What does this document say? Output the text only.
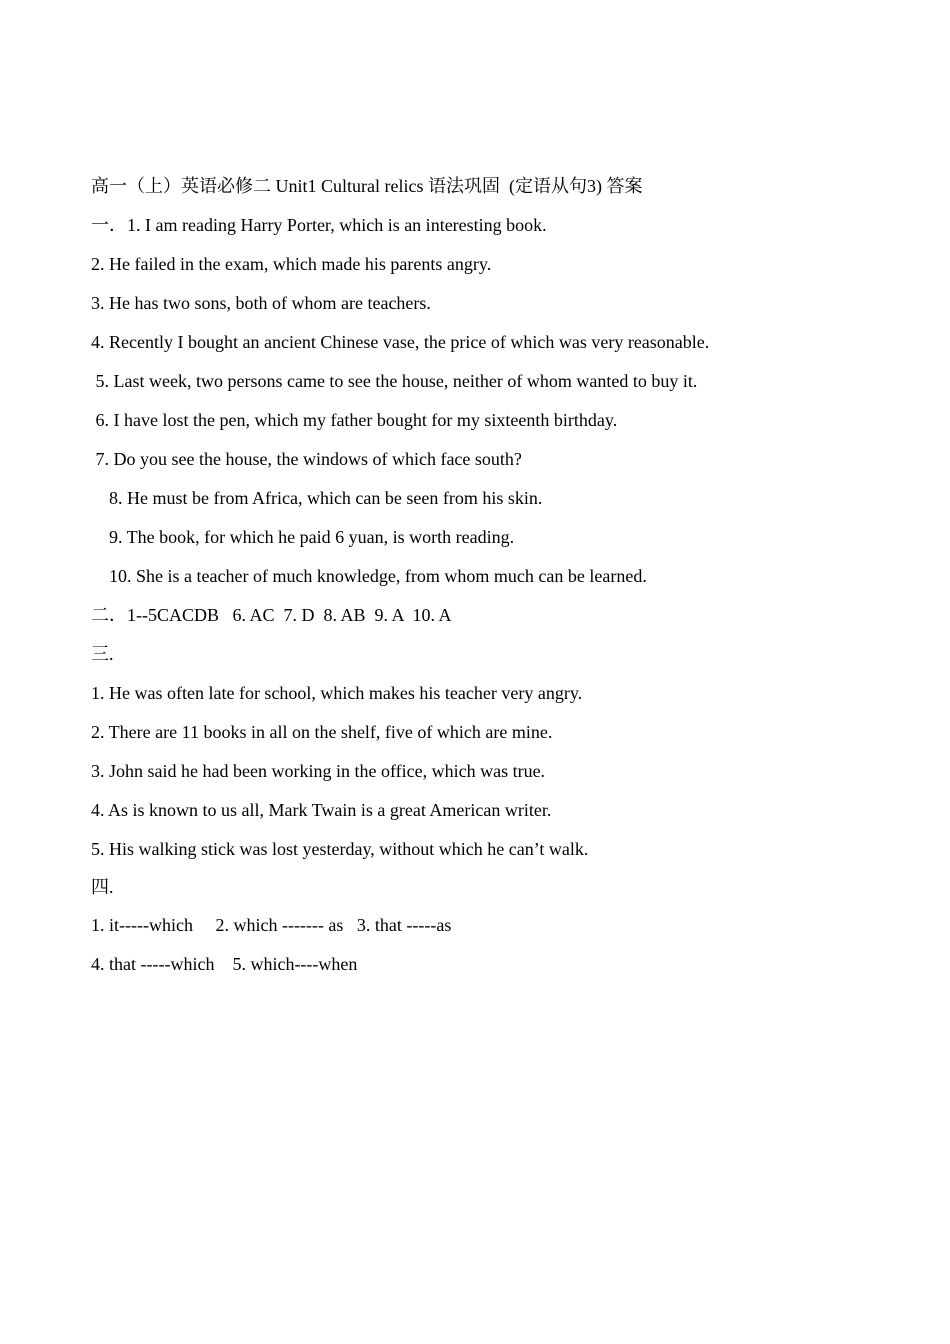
高一（上）英语必修二 Unit1 Cultural relics 语法巩固  (定语从句3) 答案
一．1. I am reading Harry Porter, which is an interesting book.
2. He failed in the exam, which made his parents angry.
3. He has two sons, both of whom are teachers.
4. Recently I bought an ancient Chinese vase, the price of which was very reasonable.
5. Last week, two persons came to see the house, neither of whom wanted to buy it.
6. I have lost the pen, which my father bought for my sixteenth birthday.
7. Do you see the house, the windows of which face south?
8. He must be from Africa, which can be seen from his skin.
9. The book, for which he paid 6 yuan, is worth reading.
10. She is a teacher of much knowledge, from whom much can be learned.
二．1--5CACDB   6. AC  7. D  8. AB  9. A  10. A
三.
1. He was often late for school, which makes his teacher very angry.
2. There are 11 books in all on the shelf, five of which are mine.
3. John said he had been working in the office, which was true.
4. As is known to us all, Mark Twain is a great American writer.
5. His walking stick was lost yesterday, without which he can’t walk.
四.
1. it-----which     2. which ------- as   3. that -----as
4. that -----which    5. which----when
